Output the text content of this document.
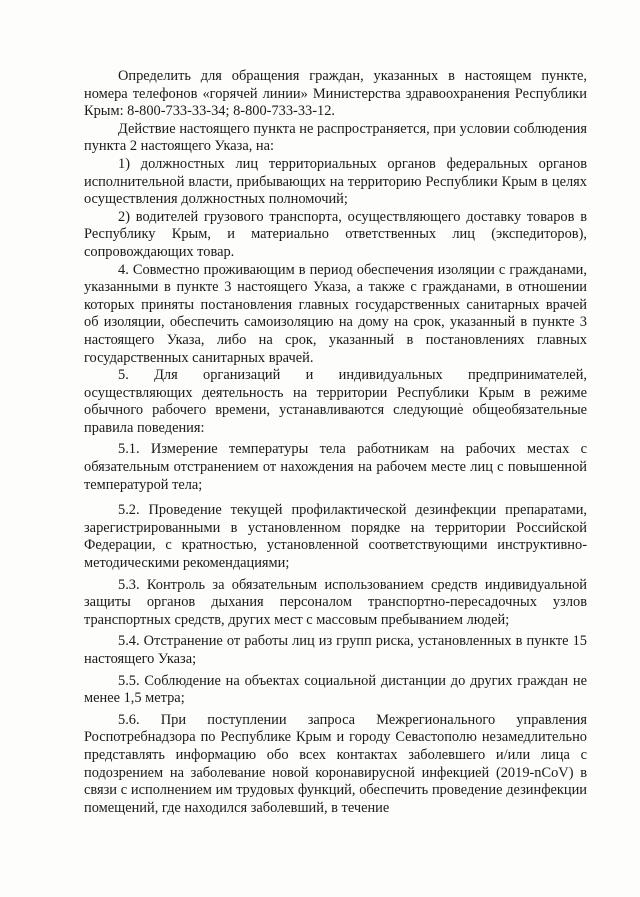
Определить для обращения граждан, указанных в настоящем пункте, номера телефонов «горячей линии» Министерства здравоохранения Республики Крым: 8-800-733-33-34; 8-800-733-33-12.

Действие настоящего пункта не распространяется, при условии соблюдения пункта 2 настоящего Указа, на:

1) должностных лиц территориальных органов федеральных органов исполнительной власти, прибывающих на территорию Республики Крым в целях осуществления должностных полномочий;

2) водителей грузового транспорта, осуществляющего доставку товаров в Республику Крым, и материально ответственных лиц (экспедиторов), сопровождающих товар.

4. Совместно проживающим в период обеспечения изоляции с гражданами, указанными в пункте 3 настоящего Указа, а также с гражданами, в отношении которых приняты постановления главных государственных санитарных врачей об изоляции, обеспечить самоизоляцию на дому на срок, указанный в пункте 3 настоящего Указа, либо на срок, указанный в постановлениях главных государственных санитарных врачей.

5. Для организаций и индивидуальных предпринимателей, осуществляющих деятельность на территории Республики Крым в режиме обычного рабочего времени, устанавливаются следующие общеобязательные правила поведения:

5.1. Измерение температуры тела работникам на рабочих местах с обязательным отстранением от нахождения на рабочем месте лиц с повышенной температурой тела;

5.2. Проведение текущей профилактической дезинфекции препаратами, зарегистрированными в установленном порядке на территории Российской Федерации, с кратностью, установленной соответствующими инструктивно-методическими рекомендациями;

5.3. Контроль за обязательным использованием средств индивидуальной защиты органов дыхания персоналом транспортно-пересадочных узлов транспортных средств, других мест с массовым пребыванием людей;

5.4. Отстранение от работы лиц из групп риска, установленных в пункте 15 настоящего Указа;

5.5. Соблюдение на объектах социальной дистанции до других граждан не менее 1,5 метра;

5.6. При поступлении запроса Межрегионального управления Роспотребнадзора по Республике Крым и городу Севастополю незамедлительно представлять информацию обо всех контактах заболевшего и/или лица с подозрением на заболевание новой коронавирусной инфекцией (2019-nCoV) в связи с исполнением им трудовых функций, обеспечить проведение дезинфекции помещений, где находился заболевший, в течение
